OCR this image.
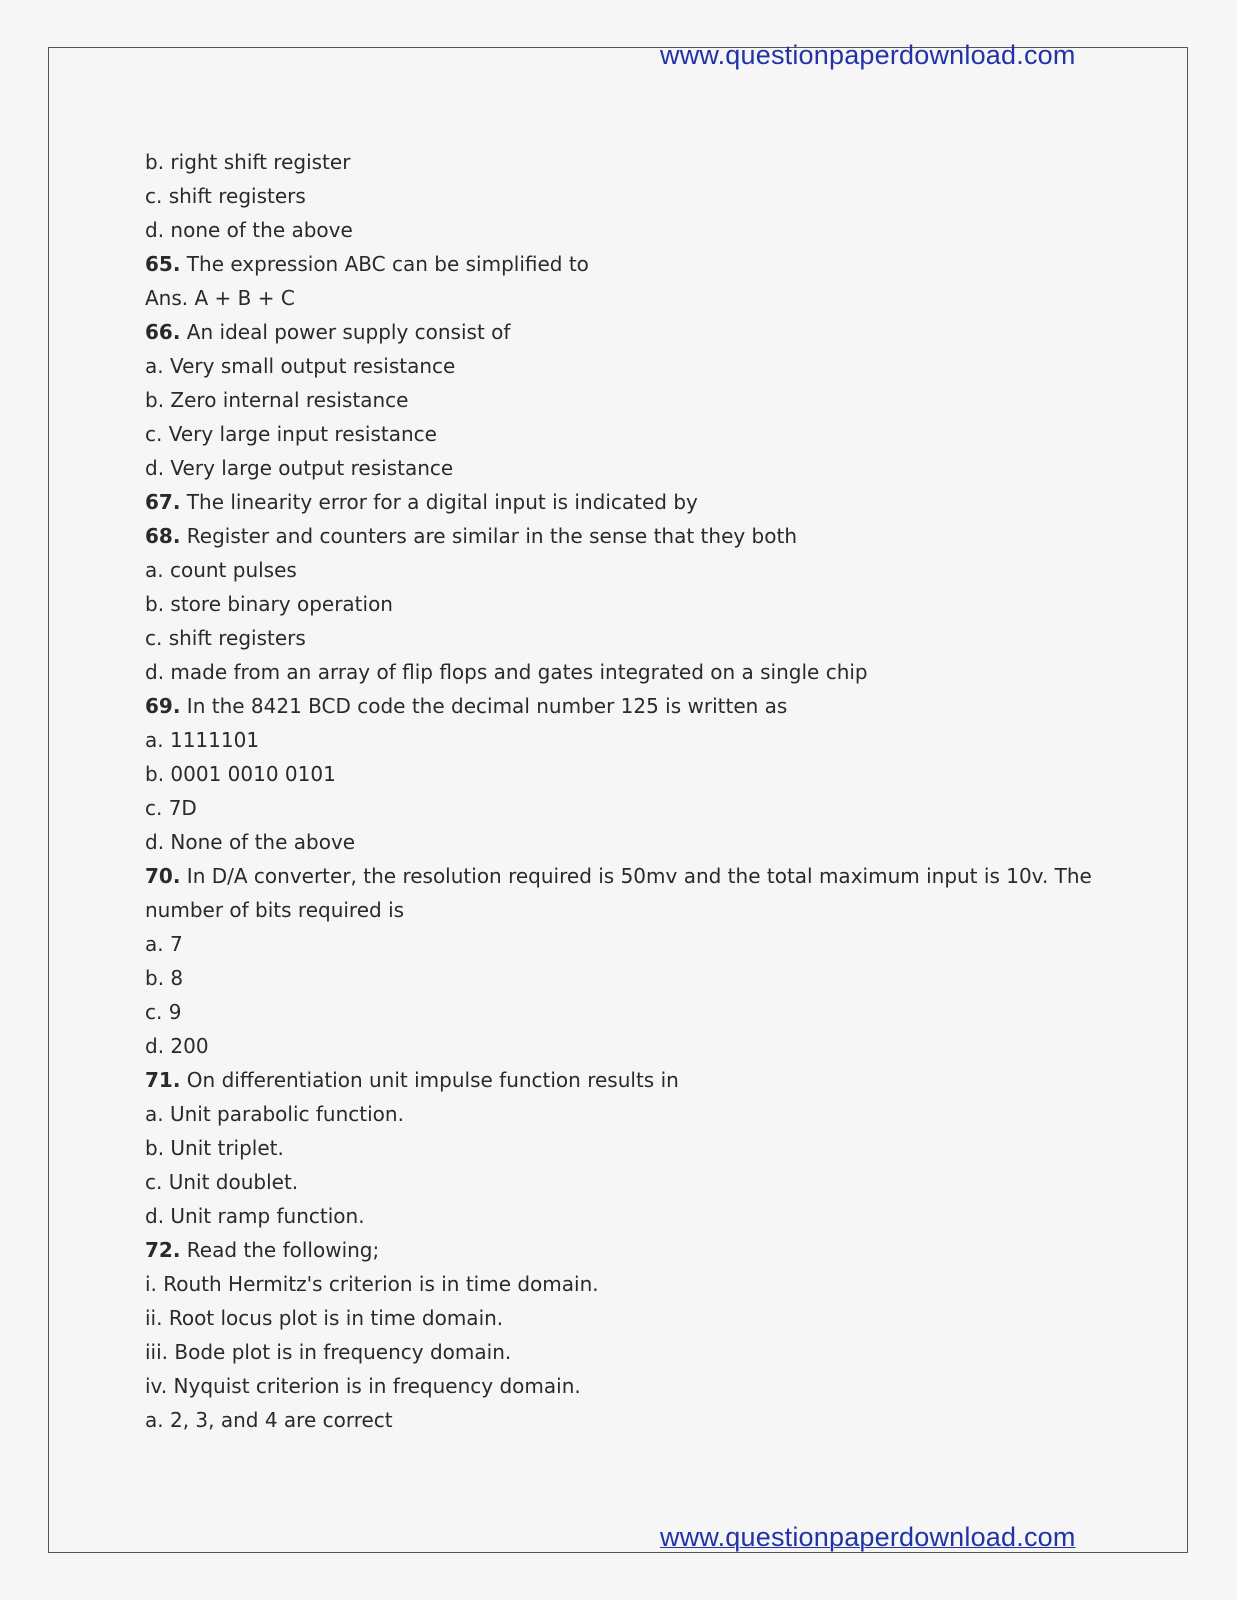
www.questionpaperdownload.com
b. right shift register
c. shift registers
d. none of the above
65. The expression ABC can be simplified to
Ans. A + B + C
66. An ideal power supply consist of
a. Very small output resistance
b. Zero internal resistance
c. Very large input resistance
d. Very large output resistance
67. The linearity error for a digital input is indicated by
68. Register and counters are similar in the sense that they both
a. count pulses
b. store binary operation
c. shift registers
d. made from an array of flip flops and gates integrated on a single chip
69. In the 8421 BCD code the decimal number 125 is written as
a. 1111101
b. 0001 0010 0101
c. 7D
d. None of the above
70. In D/A converter, the resolution required is 50mv and the total maximum input is 10v. The number of bits required is
a. 7
b. 8
c. 9
d. 200
71. On differentiation unit impulse function results in
a. Unit parabolic function.
b. Unit triplet.
c. Unit doublet.
d. Unit ramp function.
72. Read the following;
i. Routh Hermitz's criterion is in time domain.
ii. Root locus plot is in time domain.
iii. Bode plot is in frequency domain.
iv. Nyquist criterion is in frequency domain.
a. 2, 3, and 4 are correct
www.questionpaperdownload.com
